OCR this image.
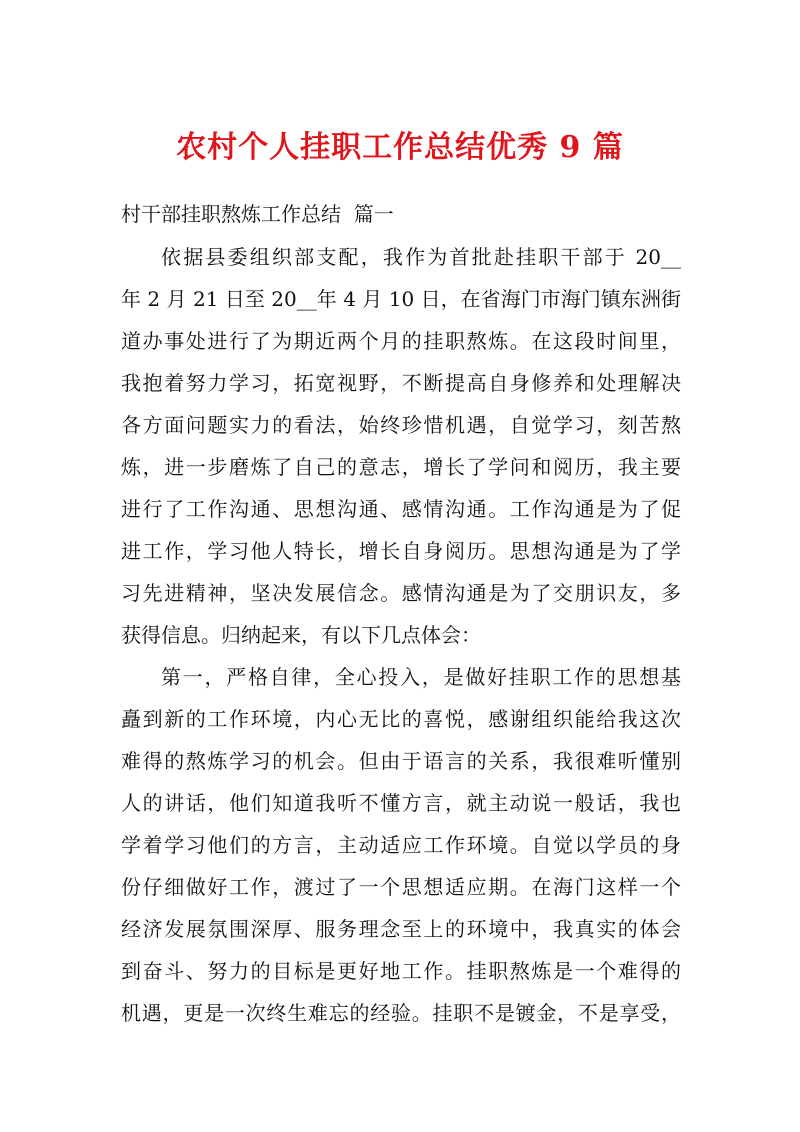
农村个人挂职工作总结优秀 9 篇
村干部挂职熬炼工作总结  篇一
依据县委组织部支配，我作为首批赴挂职干部于 20__
年 2 月 21 日至 20__年 4 月 10 日，在省海门市海门镇东洲街
道办事处进行了为期近两个月的挂职熬炼。在这段时间里，
我抱着努力学习，拓宽视野，不断提高自身修养和处理解决
各方面问题实力的看法，始终珍惜机遇，自觉学习，刻苦熬
炼，进一步磨炼了自己的意志，增长了学问和阅历，我主要
进行了工作沟通、思想沟通、感情沟通。工作沟通是为了促
进工作，学习他人特长，增长自身阅历。思想沟通是为了学
习先进精神，坚决发展信念。感情沟通是为了交朋识友，多
获得信息。归纳起来，有以下几点体会：
第一，严格自律，全心投入，是做好挂职工作的思想基
矗到新的工作环境，内心无比的喜悦，感谢组织能给我这次
难得的熬炼学习的机会。但由于语言的关系，我很难听懂别
人的讲话，他们知道我听不懂方言，就主动说一般话，我也
学着学习他们的方言，主动适应工作环境。自觉以学员的身
份仔细做好工作，渡过了一个思想适应期。在海门这样一个
经济发展氛围深厚、服务理念至上的环境中，我真实的体会
到奋斗、努力的目标是更好地工作。挂职熬炼是一个难得的
机遇，更是一次终生难忘的经验。挂职不是镀金，不是享受，
